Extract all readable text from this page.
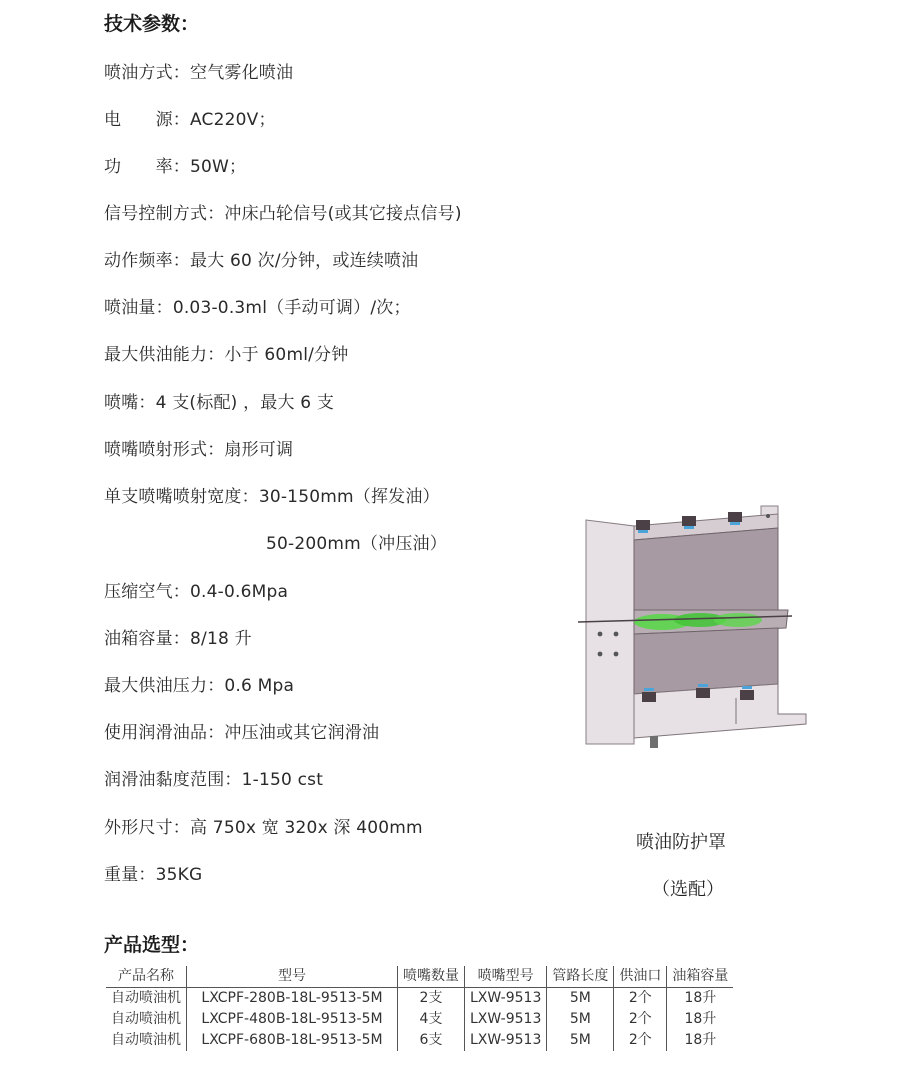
技术参数：
喷油方式：空气雾化喷油
电　　源：AC220V；
功　　率：50W；
信号控制方式：冲床凸轮信号(或其它接点信号)
动作频率：最大 60 次/分钟，或连续喷油
喷油量：0.03-0.3ml（手动可调）/次；
最大供油能力：小于 60ml/分钟
喷嘴：4 支(标配) ，最大 6 支
喷嘴喷射形式：扇形可调
单支喷嘴喷射宽度：30-150mm（挥发油）
50-200mm（冲压油）
压缩空气：0.4-0.6Mpa
油箱容量：8/18 升
最大供油压力：0.6 Mpa
使用润滑油品：冲压油或其它润滑油
润滑油黏度范围：1-150 cst
外形尺寸：高 750x 宽 320x 深 400mm
重量：35KG
喷油防护罩
（选配）
产品选型：
产品名称	型号	喷嘴数量	喷嘴型号	管路长度	供油口	油箱容量
自动喷油机	LXCPF-280B-18L-9513-5M	2支	LXW-9513	5M	2个	18升
自动喷油机	LXCPF-480B-18L-9513-5M	4支	LXW-9513	5M	2个	18升
自动喷油机	LXCPF-680B-18L-9513-5M	6支	LXW-9513	5M	2个	18升
